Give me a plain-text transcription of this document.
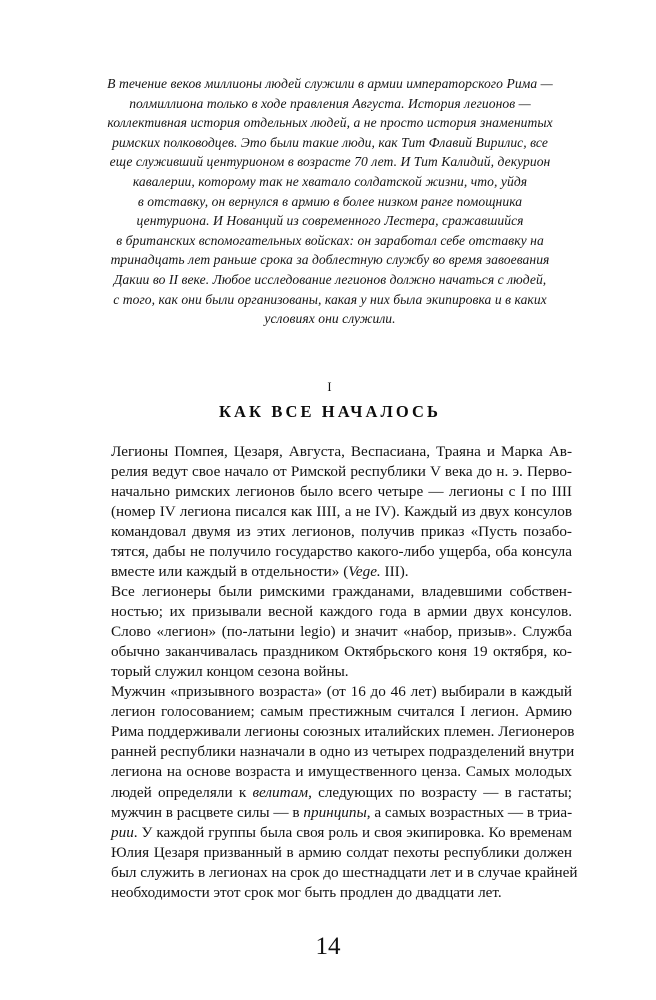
В течение веков миллионы людей служили в армии императорского Рима —
полмиллиона только в ходе правления Августа. История легионов —
коллективная история отдельных людей, а не просто история знаменитых
римских полководцев. Это были такие люди, как Тит Флавий Вирилис, все
еще служивший центурионом в возрасте 70 лет. И Тит Калидий, декурион
кавалерии, которому так не хватало солдатской жизни, что, уйдя
в отставку, он вернулся в армию в более низком ранге помощника
центуриона. И Нованций из современного Лестера, сражавшийся
в британских вспомогательных войсках: он заработал себе отставку на
тринадцать лет раньше срока за доблестную службу во время завоевания
Дакии во II веке. Любое исследование легионов должно начаться с людей,
с того, как они были организованы, какая у них была экипировка и в каких
условиях они служили.
I
КАК ВСЕ НАЧАЛОСЬ

Легионы Помпея, Цезаря, Августа, Веспасиана, Траяна и Марка Ав-
релия ведут свое начало от Римской республики V века до н. э. Перво-
начально римских легионов было всего четыре — легионы с I по IIII
(номер IV легиона писался как IIII, а не IV). Каждый из двух консулов
командовал двумя из этих легионов, получив приказ «Пусть позабо-
тятся, дабы не получило государство какого-либо ущерба, оба консула
вместе или каждый в отдельности» (Vege. III).

Все легионеры были римскими гражданами, владевшими собствен-
ностью; их призывали весной каждого года в армии двух консулов.
Слово «легион» (по-латыни legio) и значит «набор, призыв». Служба
обычно заканчивалась праздником Октябрьского коня 19 октября, ко-
торый служил концом сезона войны.

Мужчин «призывного возраста» (от 16 до 46 лет) выбирали в каждый
легион голосованием; самым престижным считался I легион. Армию
Рима поддерживали легионы союзных италийских племен. Легионеров
ранней республики назначали в одно из четырех подразделений внутри
легиона на основе возраста и имущественного ценза. Самых молодых
людей определяли к велитам, следующих по возрасту — в гастаты;
мужчин в расцвете силы — в принципы, а самых возрастных — в триа-
рии. У каждой группы была своя роль и своя экипировка. Ко временам
Юлия Цезаря призванный в армию солдат пехоты республики должен
был служить в легионах на срок до шестнадцати лет и в случае крайней
необходимости этот срок мог быть продлен до двадцати лет.

14
